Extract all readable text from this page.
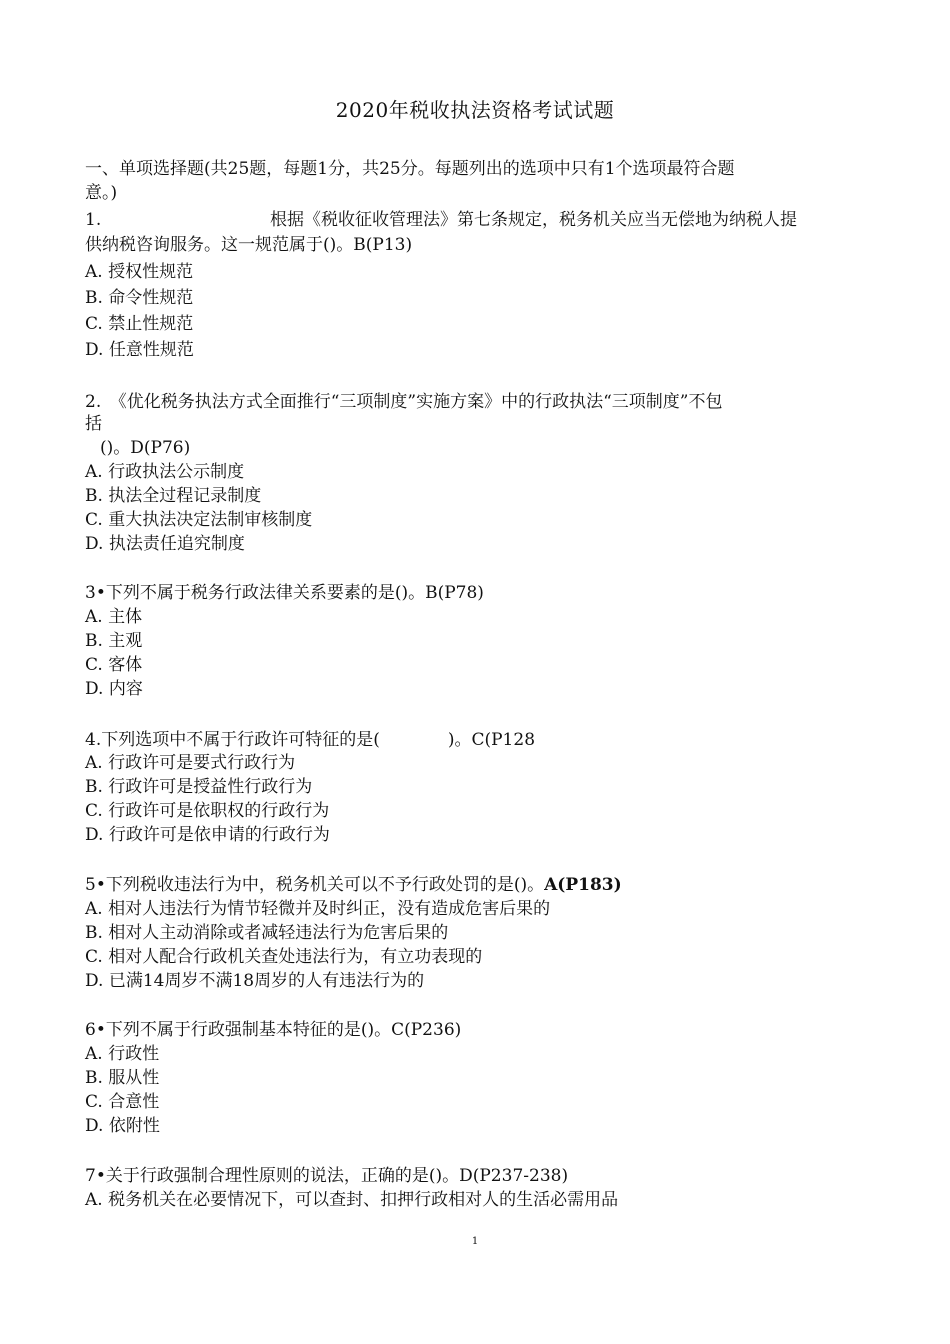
2020年税收执法资格考试试题
一、单项选择题(共25题，每题1分，共25分。每题列出的选项中只有1个选项最符合题
意。)
1.	根据《税收征收管理法》第七条规定，税务机关应当无偿地为纳税人提
供纳税咨询服务。这一规范属于()。B(P13)
A. 授权性规范
B. 命令性规范
C. 禁止性规范
D. 任意性规范
2.　《优化税务执法方式全面推行“三项制度”实施方案》中的行政执法“三项制度”不包
括
()。D(P76)
A. 行政执法公示制度
B. 执法全过程记录制度
C. 重大执法决定法制审核制度
D. 执法责任追究制度
3•下列不属于税务行政法律关系要素的是()。B(P78)
A. 主体
B. 主观
C. 客体
D. 内容
4.下列选项中不属于行政许可特征的是(　　　　)。C(P128
A. 行政许可是要式行政行为
B. 行政许可是授益性行政行为
C. 行政许可是依职权的行政行为
D. 行政许可是依申请的行政行为
5•下列税收违法行为中，税务机关可以不予行政处罚的是()。A(P183)
A. 相对人违法行为情节轻微并及时纠正，没有造成危害后果的
B. 相对人主动消除或者减轻违法行为危害后果的
C. 相对人配合行政机关查处违法行为，有立功表现的
D. 已满14周岁不满18周岁的人有违法行为的
6•下列不属于行政强制基本特征的是()。C(P236)
A. 行政性
B. 服从性
C. 合意性
D. 依附性
7•关于行政强制合理性原则的说法，正确的是()。D(P237-238)
A. 税务机关在必要情况下，可以查封、扣押行政相对人的生活必需用品
1
